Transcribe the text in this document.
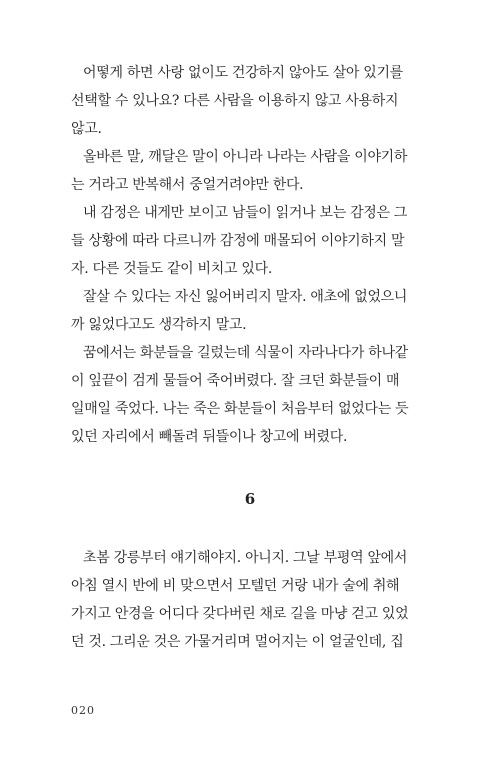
어떻게 하면 사랑 없이도 건강하지 않아도 살아 있기를
선택할 수 있나요? 다른 사람을 이용하지 않고 사용하지
않고.
올바른 말, 깨달은 말이 아니라 나라는 사람을 이야기하
는 거라고 반복해서 중얼거려야만 한다.
내 감정은 내게만 보이고 남들이 읽거나 보는 감정은 그
들 상황에 따라 다르니까 감정에 매몰되어 이야기하지 말
자. 다른 것들도 같이 비치고 있다.
잘살 수 있다는 자신 잃어버리지 말자. 애초에 없었으니
까 잃었다고도 생각하지 말고.
꿈에서는 화분들을 길렀는데 식물이 자라나다가 하나같
이 잎끝이 검게 물들어 죽어버렸다. 잘 크던 화분들이 매
일매일 죽었다. 나는 죽은 화분들이 처음부터 없었다는 듯
있던 자리에서 빼돌려 뒤뜰이나 창고에 버렸다.
6
초봄 강릉부터 얘기해야지. 아니지. 그날 부평역 앞에서
아침 열시 반에 비 맞으면서 모텔던 거랑 내가 술에 취해
가지고 안경을 어디다 갖다버린 채로 길을 마냥 걷고 있었
던 것. 그리운 것은 가물거리며 멀어지는 이 얼굴인데, 집
020
